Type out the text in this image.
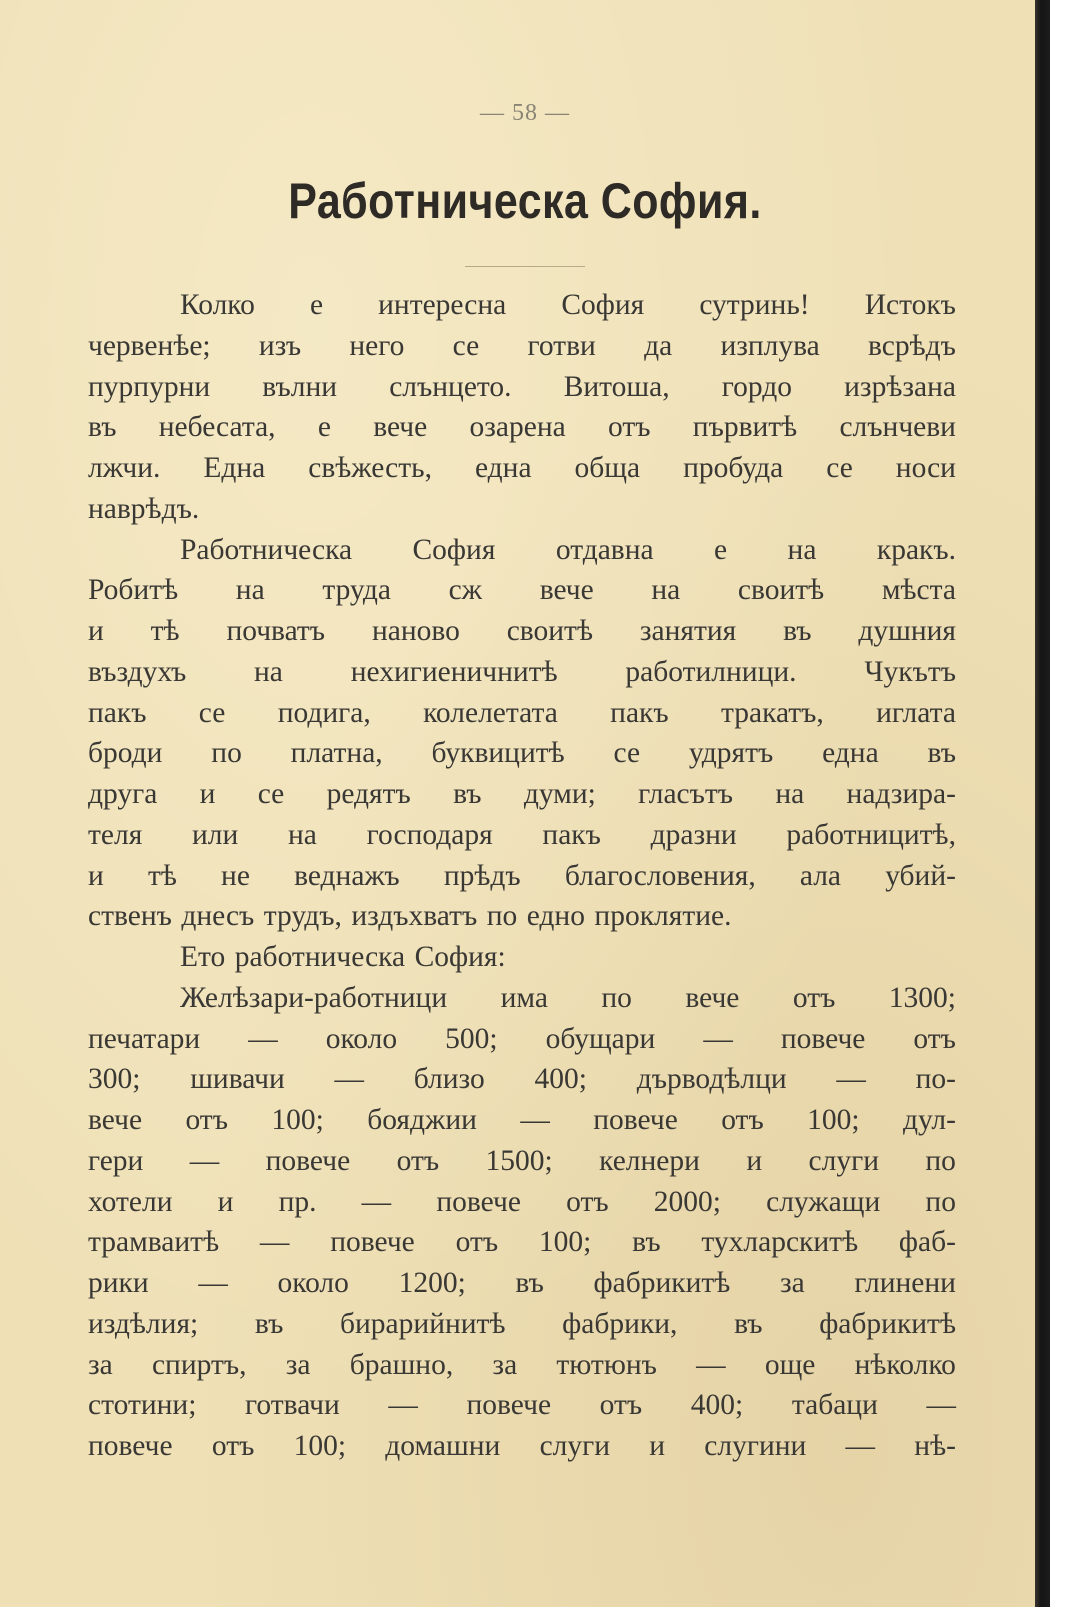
— 58 —
Работническа София.
Колко е интересна София сутринь! Истокъ
червенѣе; изъ него се готви да изплува всрѣдъ
пурпурни вълни слънцето. Витоша, гордо изрѣзана
въ небесата, е вече озарена отъ първитѣ слънчеви
лжчи. Една свѣжесть, една обща пробуда се носи
наврѣдъ.
Работническа София отдавна е на кракъ.
Робитѣ на труда сж вече на своитѣ мѣста
и тѣ почватъ наново своитѣ занятия въ душния
въздухъ на нехигиеничнитѣ работилници. Чукътъ
пакъ се подига, колелетата пакъ тракатъ, иглата
броди по платна, буквицитѣ се удрятъ една въ
друга и се редятъ въ думи; гласътъ на надзира-
теля или на господаря пакъ дразни работницитѣ,
и тѣ не веднажъ прѣдъ благословения, ала убий-
ственъ днесъ трудъ, издъхватъ по едно проклятие.
Ето работническа София:
Желѣзари-работници има по вече отъ 1300;
печатари — около 500; обущари — повече отъ
300; шивачи — близо 400; дърводѣлци — по-
вече отъ 100; бояджии — повече отъ 100; дул-
гери — повече отъ 1500; келнери и слуги по
хотели и пр. — повече отъ 2000; служащи по
трамваитѣ — повече отъ 100; въ тухларскитѣ фаб-
рики — около 1200; въ фабрикитѣ за глинени
издѣлия; въ бирарийнитѣ фабрики, въ фабрикитѣ
за спиртъ, за брашно, за тютюнъ — още нѣколко
стотини; готвачи — повече отъ 400; табаци —
повече отъ 100; домашни слуги и слугини — нѣ-
